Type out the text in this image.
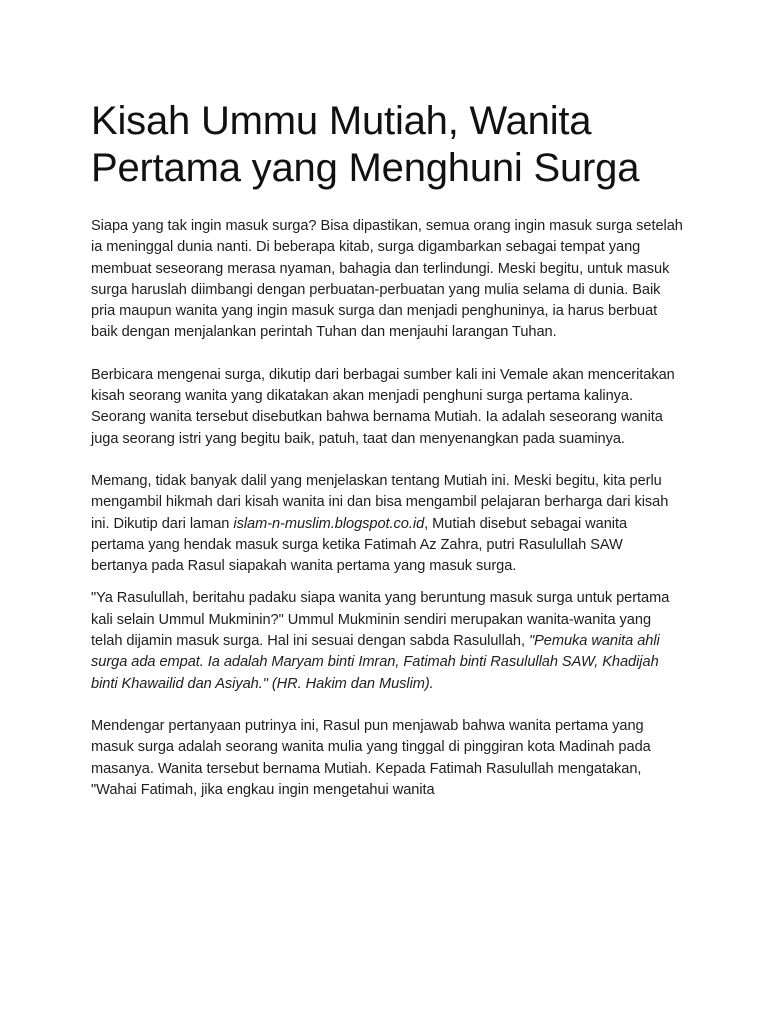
Kisah Ummu Mutiah, Wanita Pertama yang Menghuni Surga

Siapa yang tak ingin masuk surga? Bisa dipastikan, semua orang ingin masuk surga setelah ia meninggal dunia nanti. Di beberapa kitab, surga digambarkan sebagai tempat yang membuat seseorang merasa nyaman, bahagia dan terlindungi. Meski begitu, untuk masuk surga haruslah diimbangi dengan perbuatan-perbuatan yang mulia selama di dunia. Baik pria maupun wanita yang ingin masuk surga dan menjadi penghuninya, ia harus berbuat baik dengan menjalankan perintah Tuhan dan menjauhi larangan Tuhan.

Berbicara mengenai surga, dikutip dari berbagai sumber kali ini Vemale akan menceritakan kisah seorang wanita yang dikatakan akan menjadi penghuni surga pertama kalinya. Seorang wanita tersebut disebutkan bahwa bernama Mutiah. Ia adalah seseorang wanita juga seorang istri yang begitu baik, patuh, taat dan menyenangkan pada suaminya.

Memang, tidak banyak dalil yang menjelaskan tentang Mutiah ini. Meski begitu, kita perlu mengambil hikmah dari kisah wanita ini dan bisa mengambil pelajaran berharga dari kisah ini. Dikutip dari laman islam-n-muslim.blogspot.co.id, Mutiah disebut sebagai wanita pertama yang hendak masuk surga ketika Fatimah Az Zahra, putri Rasulullah SAW bertanya pada Rasul siapakah wanita pertama yang masuk surga.

"Ya Rasulullah, beritahu padaku siapa wanita yang beruntung masuk surga untuk pertama kali selain Ummul Mukminin?" Ummul Mukminin sendiri merupakan wanita-wanita yang telah dijamin masuk surga. Hal ini sesuai dengan sabda Rasulullah, "Pemuka wanita ahli surga ada empat. Ia adalah Maryam binti Imran, Fatimah binti Rasulullah SAW, Khadijah binti Khawailid dan Asiyah." (HR. Hakim dan Muslim).

Mendengar pertanyaan putrinya ini, Rasul pun menjawab bahwa wanita pertama yang masuk surga adalah seorang wanita mulia yang tinggal di pinggiran kota Madinah pada masanya. Wanita tersebut bernama Mutiah. Kepada Fatimah Rasulullah mengatakan, "Wahai Fatimah, jika engkau ingin mengetahui wanita
